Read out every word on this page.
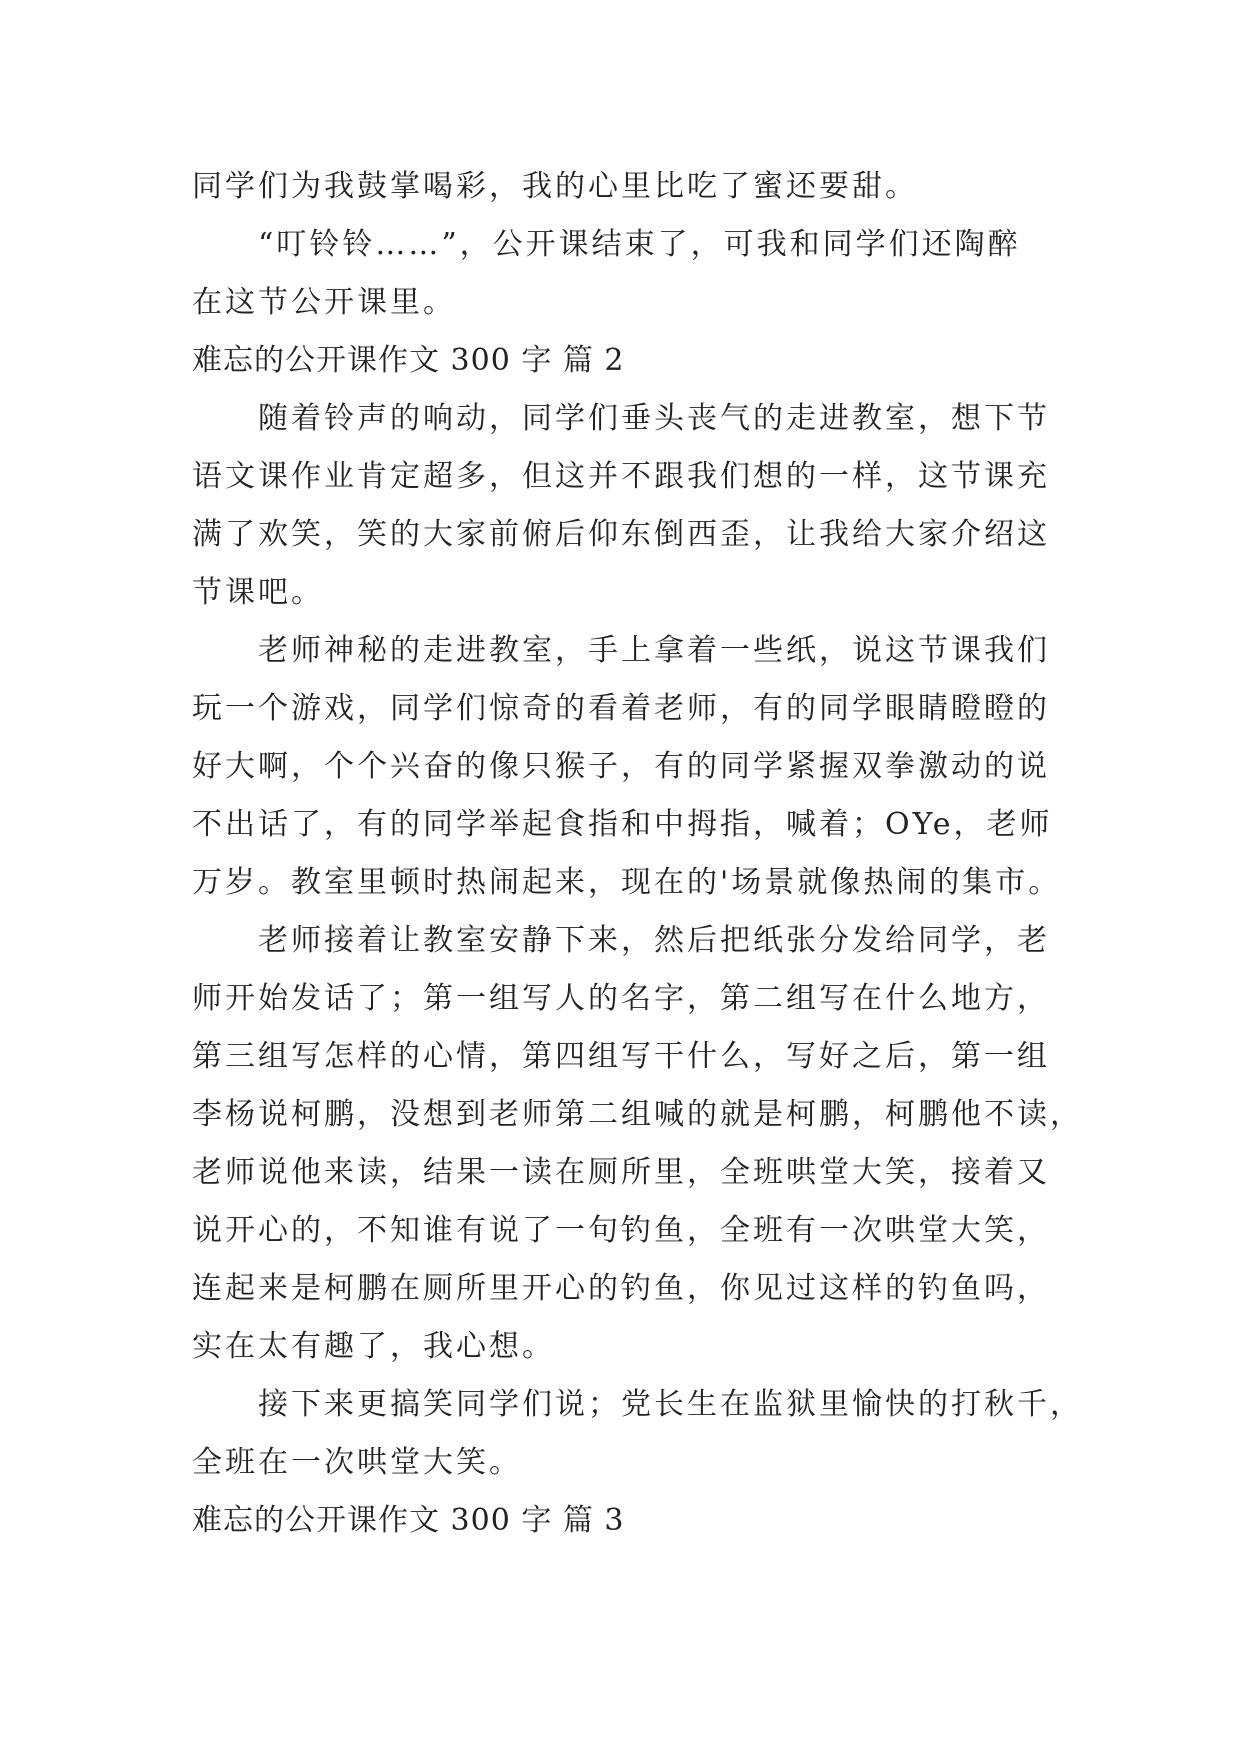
同学们为我鼓掌喝彩，我的心里比吃了蜜还要甜。
“叮铃铃……”，公开课结束了，可我和同学们还陶醉
在这节公开课里。
难忘的公开课作文 300 字 篇 2
随着铃声的响动，同学们垂头丧气的走进教室，想下节
语文课作业肯定超多，但这并不跟我们想的一样，这节课充
满了欢笑，笑的大家前俯后仰东倒西歪，让我给大家介绍这
节课吧。
老师神秘的走进教室，手上拿着一些纸，说这节课我们
玩一个游戏，同学们惊奇的看着老师，有的同学眼睛瞪瞪的
好大啊，个个兴奋的像只猴子，有的同学紧握双拳激动的说
不出话了，有的同学举起食指和中拇指，喊着；OYe，老师
万岁。教室里顿时热闹起来，现在的'场景就像热闹的集市。
老师接着让教室安静下来，然后把纸张分发给同学，老
师开始发话了；第一组写人的名字，第二组写在什么地方，
第三组写怎样的心情，第四组写干什么，写好之后，第一组
李杨说柯鹏，没想到老师第二组喊的就是柯鹏，柯鹏他不读，
老师说他来读，结果一读在厕所里，全班哄堂大笑，接着又
说开心的，不知谁有说了一句钓鱼，全班有一次哄堂大笑，
连起来是柯鹏在厕所里开心的钓鱼，你见过这样的钓鱼吗，
实在太有趣了，我心想。
接下来更搞笑同学们说；党长生在监狱里愉快的打秋千，
全班在一次哄堂大笑。
难忘的公开课作文 300 字 篇 3
